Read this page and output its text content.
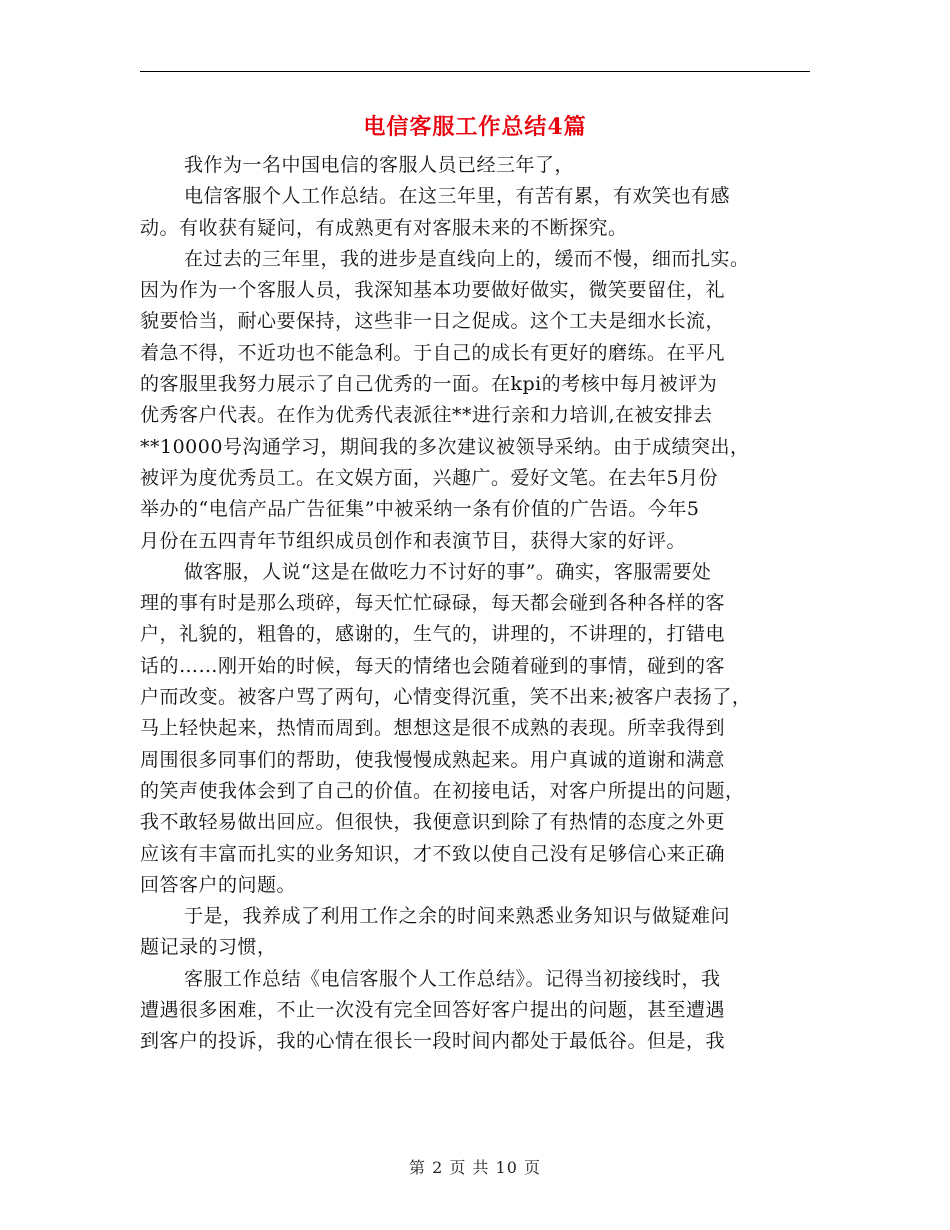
电信客服工作总结4篇
我作为一名中国电信的客服人员已经三年了，
电信客服个人工作总结。在这三年里，有苦有累，有欢笑也有感
动。有收获有疑问，有成熟更有对客服未来的不断探究。
在过去的三年里，我的进步是直线向上的，缓而不慢，细而扎实。
因为作为一个客服人员，我深知基本功要做好做实，微笑要留住，礼
貌要恰当，耐心要保持，这些非一日之促成。这个工夫是细水长流，
着急不得，不近功也不能急利。于自己的成长有更好的磨练。在平凡
的客服里我努力展示了自己优秀的一面。在kpi的考核中每月被评为
优秀客户代表。在作为优秀代表派往**进行亲和力培训,在被安排去
**10000号沟通学习，期间我的多次建议被领导采纳。由于成绩突出，
被评为度优秀员工。在文娱方面，兴趣广。爱好文笔。在去年5月份
举办的“电信产品广告征集”中被采纳一条有价值的广告语。今年5
月份在五四青年节组织成员创作和表演节目，获得大家的好评。
做客服，人说“这是在做吃力不讨好的事”。确实，客服需要处
理的事有时是那么琐碎，每天忙忙碌碌，每天都会碰到各种各样的客
户，礼貌的，粗鲁的，感谢的，生气的，讲理的，不讲理的，打错电
话的……刚开始的时候，每天的情绪也会随着碰到的事情，碰到的客
户而改变。被客户骂了两句，心情变得沉重，笑不出来;被客户表扬了，
马上轻快起来，热情而周到。想想这是很不成熟的表现。所幸我得到
周围很多同事们的帮助，使我慢慢成熟起来。用户真诚的道谢和满意
的笑声使我体会到了自己的价值。在初接电话，对客户所提出的问题，
我不敢轻易做出回应。但很快，我便意识到除了有热情的态度之外更
应该有丰富而扎实的业务知识，才不致以使自己没有足够信心来正确
回答客户的问题。
于是，我养成了利用工作之余的时间来熟悉业务知识与做疑难问
题记录的习惯，
客服工作总结《电信客服个人工作总结》。记得当初接线时，我
遭遇很多困难，不止一次没有完全回答好客户提出的问题，甚至遭遇
到客户的投诉，我的心情在很长一段时间内都处于最低谷。但是，我
第 2 页 共 10 页
